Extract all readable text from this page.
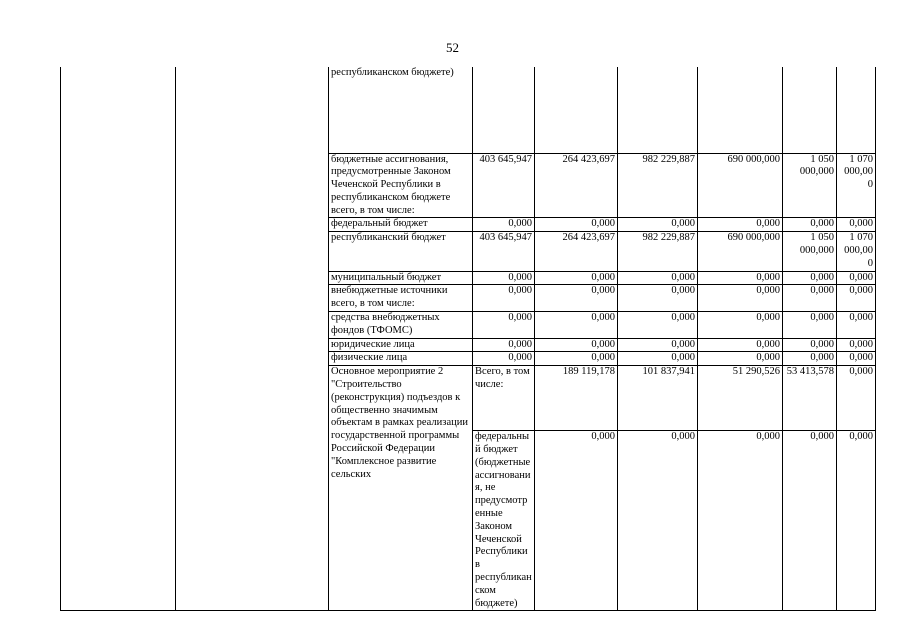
52
		республиканском бюджете)							
		бюджетные ассигнования, предусмотренные Законом Чеченской Республики в республиканском бюджете всего, в том числе:	403 645,947	264 423,697	982 229,887	690 000,000	1 050 000,000	1 070 000,000	
		федеральный бюджет	0,000	0,000	0,000	0,000	0,000	0,000	
		республиканский бюджет	403 645,947	264 423,697	982 229,887	690 000,000	1 050 000,000	1 070 000,000	
		муниципальный бюджет	0,000	0,000	0,000	0,000	0,000	0,000	
		внебюджетные источники всего, в том числе:	0,000	0,000	0,000	0,000	0,000	0,000	
		средства внебюджетных фондов (ТФОМС)	0,000	0,000	0,000	0,000	0,000	0,000	
		юридические лица	0,000	0,000	0,000	0,000	0,000	0,000	
		физические лица	0,000	0,000	0,000	0,000	0,000	0,000	
		Основное мероприятие 2 "Строительство (реконструкция) подъездов к общественно значимым объектам в рамках реализации государственной программы Российской Федерации "Комплексное развитие сельских	Всего, в том числе:	189 119,178	101 837,941	51 290,526	53 413,578	0,000	
			федеральный бюджет (бюджетные ассигнования, не предусмотренные Законом Чеченской Республики в республиканском бюджете)	0,000	0,000	0,000	0,000	0,000	
